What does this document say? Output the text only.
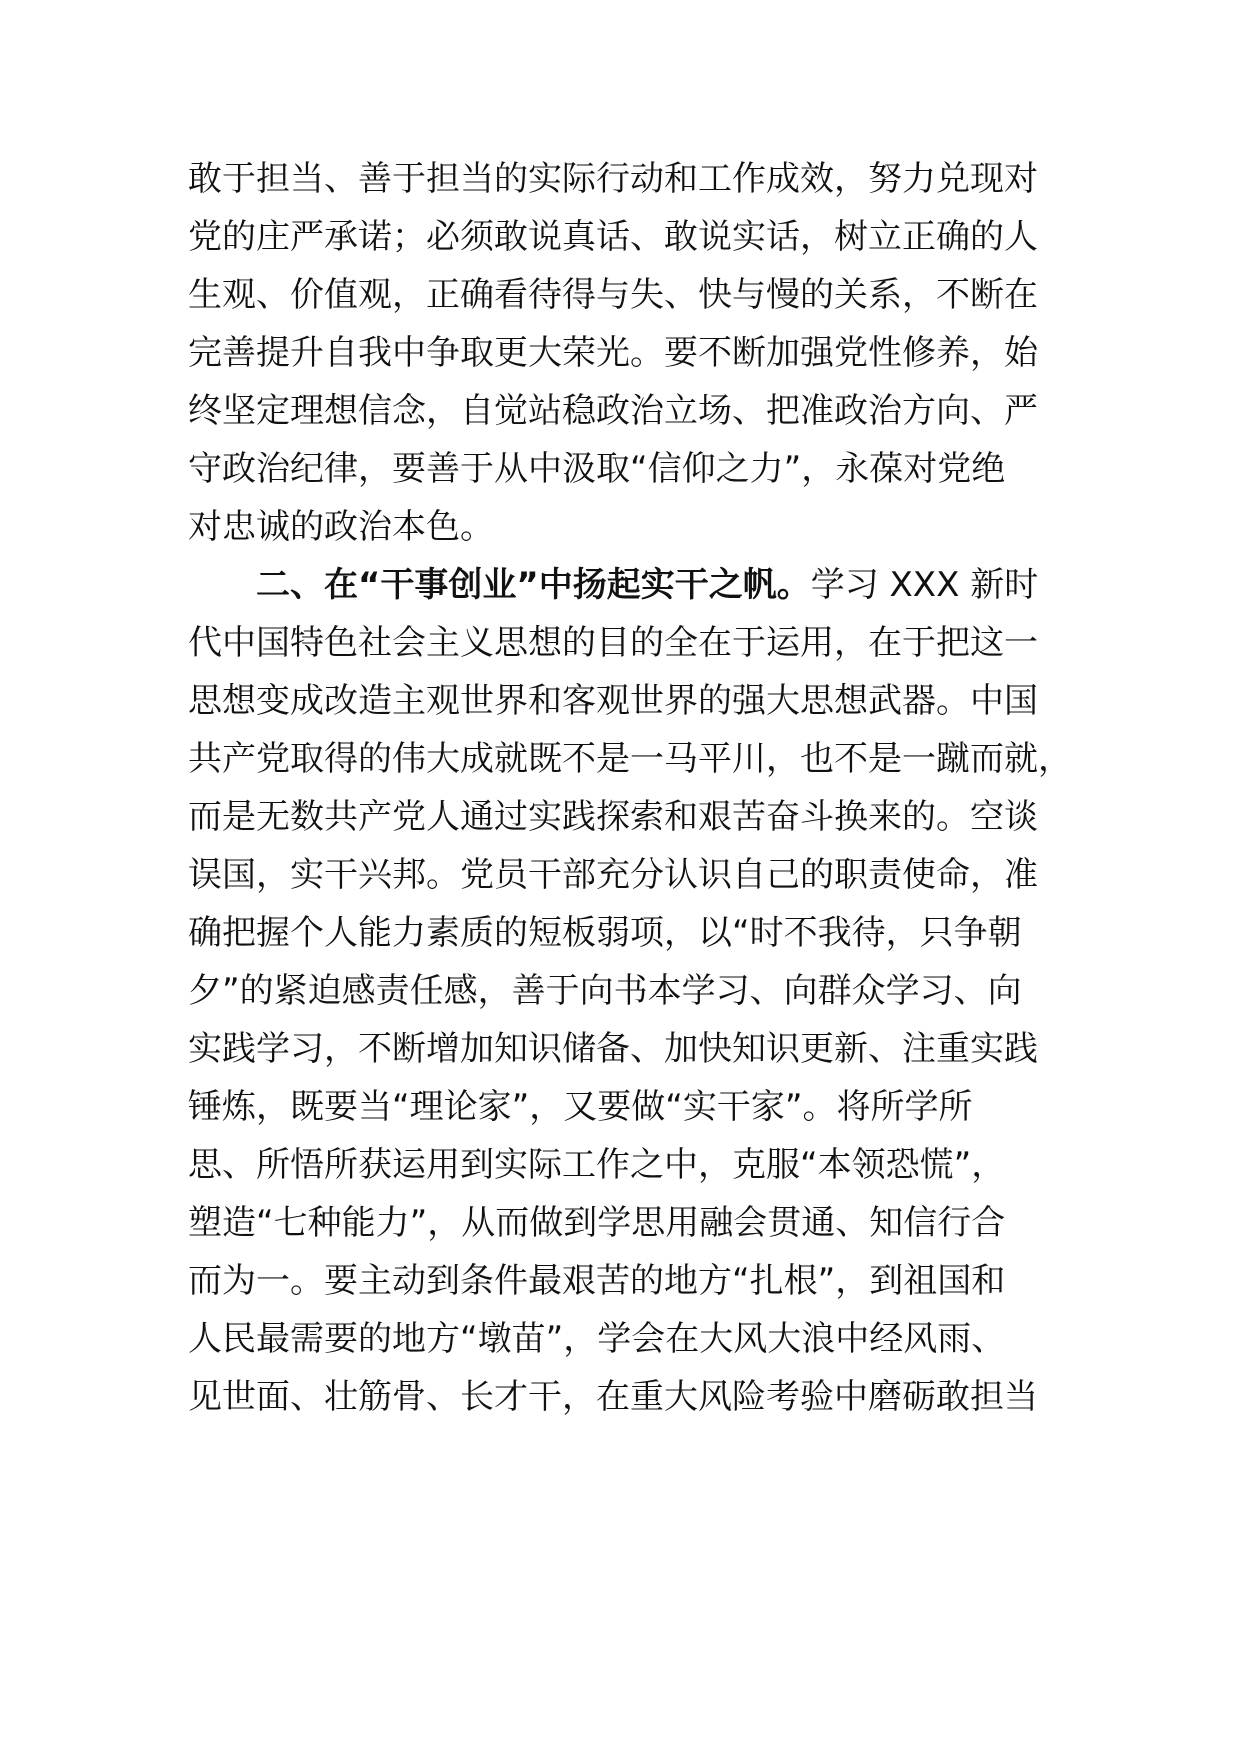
敢于担当、善于担当的实际行动和工作成效，努力兑现对
党的庄严承诺；必须敢说真话、敢说实话，树立正确的人
生观、价值观，正确看待得与失、快与慢的关系，不断在
完善提升自我中争取更大荣光。要不断加强党性修养，始
终坚定理想信念，自觉站稳政治立场、把准政治方向、严
守政治纪律，要善于从中汲取“信仰之力”，永葆对党绝
对忠诚的政治本色。
二、在“干事创业”中扬起实干之帆。学习 XXX 新时
代中国特色社会主义思想的目的全在于运用，在于把这一
思想变成改造主观世界和客观世界的强大思想武器。中国
共产党取得的伟大成就既不是一马平川，也不是一蹴而就，
而是无数共产党人通过实践探索和艰苦奋斗换来的。空谈
误国，实干兴邦。党员干部充分认识自己的职责使命，准
确把握个人能力素质的短板弱项，以“时不我待，只争朝
夕”的紧迫感责任感，善于向书本学习、向群众学习、向
实践学习，不断增加知识储备、加快知识更新、注重实践
锤炼，既要当“理论家”，又要做“实干家”。将所学所
思、所悟所获运用到实际工作之中，克服“本领恐慌”，
塑造“七种能力”，从而做到学思用融会贯通、知信行合
而为一。要主动到条件最艰苦的地方“扎根”，到祖国和
人民最需要的地方“墩苗”，学会在大风大浪中经风雨、
见世面、壮筋骨、长才干，在重大风险考验中磨砺敢担当
